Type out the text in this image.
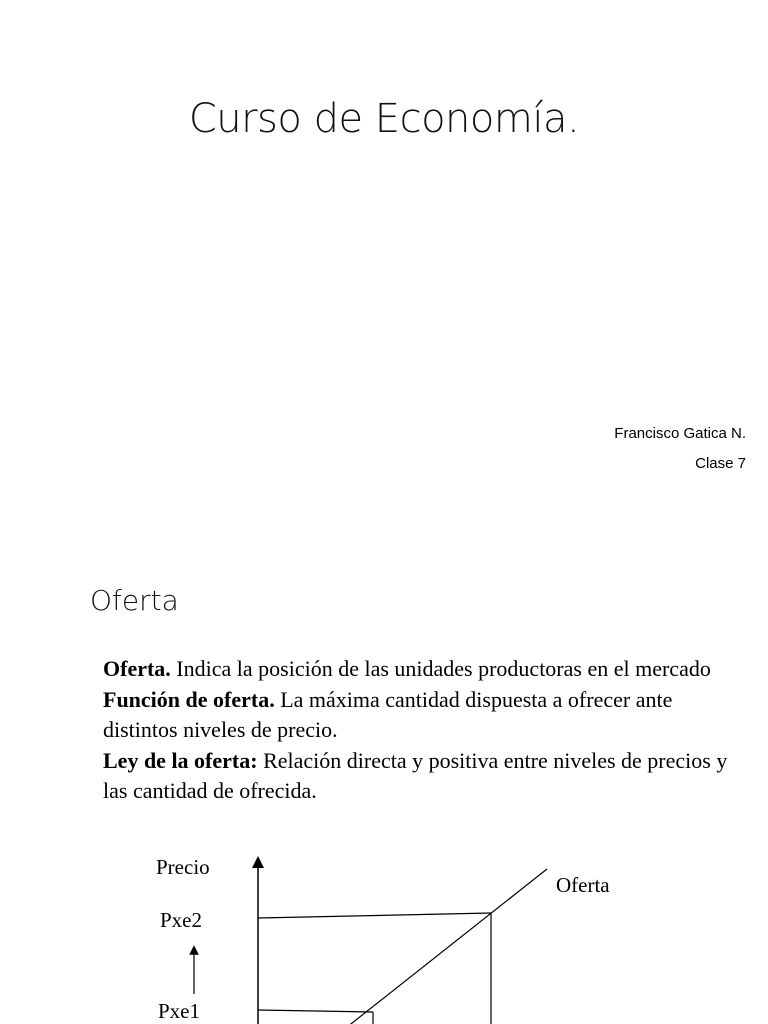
Curso de Economía.
Francisco Gatica N.
Clase 7
Oferta

Oferta. Indica la posición de las unidades productoras en el mercado

Función de oferta. La máxima cantidad dispuesta a ofrecer ante distintos niveles de precio.

Ley de la oferta: Relación directa y positiva entre niveles de precios y las cantidad de ofrecida.

Precio
Oferta
Pxe2
Pxe1
